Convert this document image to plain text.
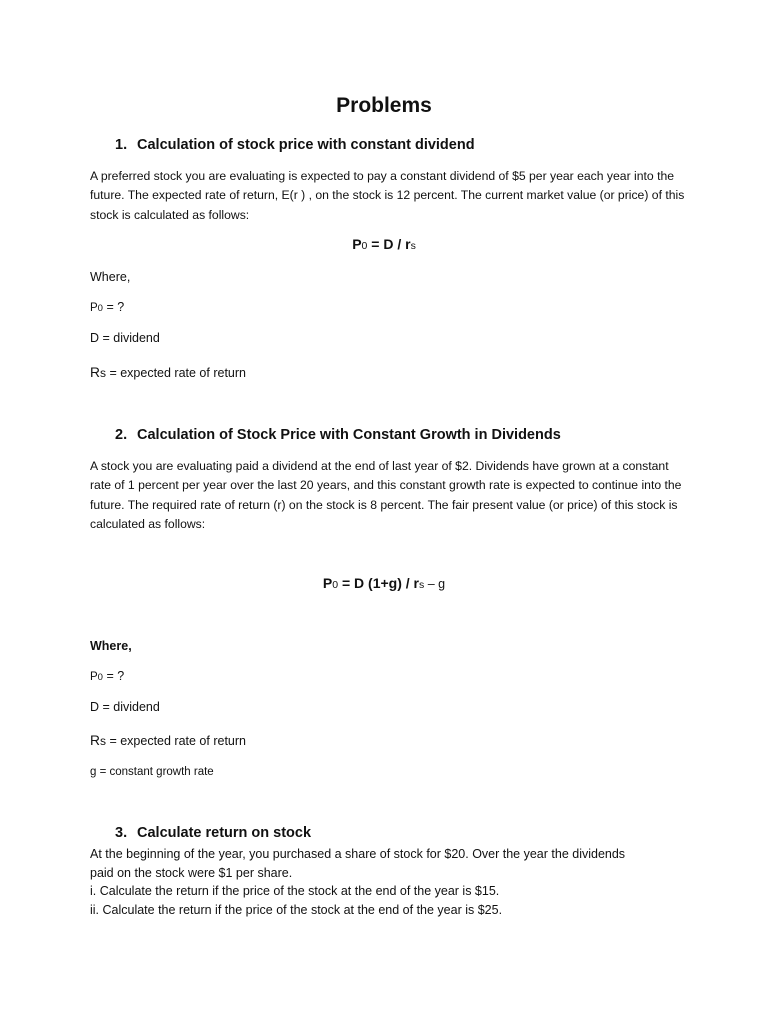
Problems
1. Calculation of stock price with constant dividend
A preferred stock you are evaluating is expected to pay a constant dividend of $5 per year each year into the future. The expected rate of return, E(r ) , on the stock is 12 percent. The current market value (or price) of this stock is calculated as follows:
P0 = D / rs
Where,
P0 = ?
D = dividend
Rs = expected rate of return
2. Calculation of Stock Price with Constant Growth in Dividends
A stock you are evaluating paid a dividend at the end of last year of $2. Dividends have grown at a constant rate of 1 percent per year over the last 20 years, and this constant growth rate is expected to continue into the future. The required rate of return (r) on the stock is 8 percent. The fair present value (or price) of this stock is calculated as follows:
P0 = D (1+g) / rs – g
Where,
P0 = ?
D = dividend
Rs = expected rate of return
g = constant growth rate
3. Calculate return on stock
At the beginning of the year, you purchased a share of stock for $20. Over the year the dividends
paid on the stock were $1 per share.
i. Calculate the return if the price of the stock at the end of the year is $15.
ii. Calculate the return if the price of the stock at the end of the year is $25.
